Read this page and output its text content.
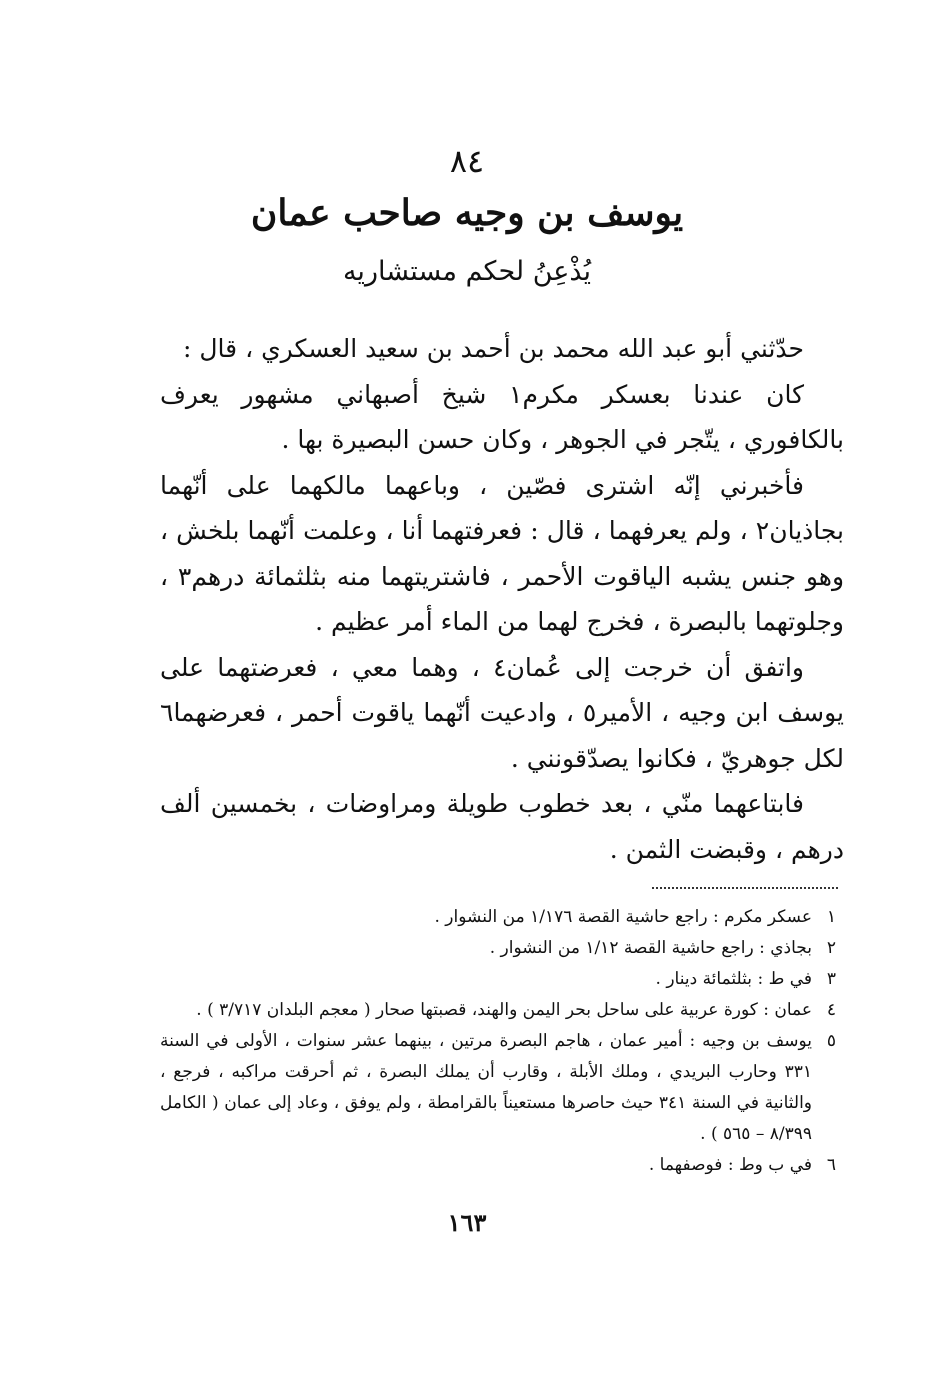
٨٤
يوسف بن وجيه صاحب عمان
يُذْعِنُ لحكم مستشاريه

حدّثني أبو عبد الله محمد بن أحمد بن سعيد العسكري ، قال :

كان عندنا بعسكر مكرم١ شيخ أصبهاني مشهور يعرف بالكافوري ، يتّجر في الجوهر ، وكان حسن البصيرة بها .

فأخبرني إنّه اشترى فصّين ، وباعهما مالكهما على أنّهما بجاذيان٢ ، ولم يعرفهما ، قال : فعرفتهما أنا ، وعلمت أنّهما بلخش ، وهو جنس يشبه الياقوت الأحمر ، فاشتريتهما منه بثلثمائة درهم٣ ، وجلوتهما بالبصرة ، فخرج لهما من الماء أمر عظيم .

واتفق أن خرجت إلى عُمان٤ ، وهما معي ، فعرضتهما على يوسف ابن وجيه ، الأمير٥ ، وادعيت أنّهما ياقوت أحمر ، فعرضهما٦ لكل جوهريّ ، فكانوا يصدّقونني .

فابتاعهما منّي ، بعد خطوب طويلة ومراوضات ، بخمسين ألف درهم ، وقبضت الثمن .

١
عسكر مكرم : راجع حاشية القصة ١/١٧٦ من النشوار .
٢
بجاذي : راجع حاشية القصة ١/١٢ من النشوار .
٣
في ط : بثلثمائة دينار .
٤
عمان : كورة عربية على ساحل بحر اليمن والهند، قصبتها صحار ( معجم البلدان ٣/٧١٧ ) .
٥
يوسف بن وجيه : أمير عمان ، هاجم البصرة مرتين ، بينهما عشر سنوات ، الأولى في السنة ٣٣١ وحارب البريدي ، وملك الأبلة ، وقارب أن يملك البصرة ، ثم أحرقت مراكبه ، فرجع ، والثانية في السنة ٣٤١ حيث حاصرها مستعيناً بالقرامطة ، ولم يوفق ، وعاد إلى عمان ( الكامل ٨/٣٩٩ – ٥٦٥ ) .
٦
في ب وط : فوصفهما .
١٦٣
